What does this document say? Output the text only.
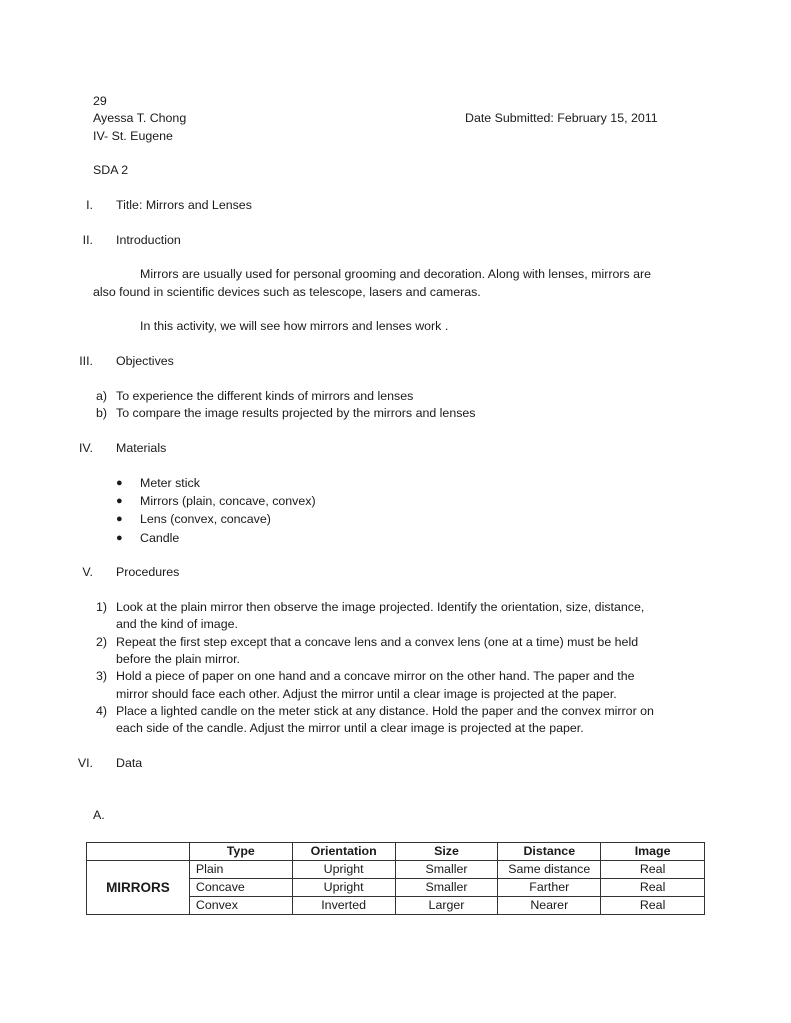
29
Ayessa T. Chong	Date Submitted: February 15, 2011
IV- St. Eugene
SDA 2
I. Title: Mirrors and Lenses
II. Introduction
Mirrors are usually used for personal grooming and decoration. Along with lenses, mirrors are
also found in scientific devices such as telescope, lasers and cameras.
In this activity, we will see how mirrors and lenses work .
III. Objectives
a) To experience the different kinds of mirrors and lenses
b) To compare the image results projected by the mirrors and lenses
IV. Materials
● Meter stick
● Mirrors (plain, concave, convex)
● Lens (convex, concave)
● Candle
V. Procedures
1) Look at the plain mirror then observe the image projected. Identify the orientation, size, distance,
and the kind of image.
2) Repeat the first step except that a concave lens and a convex lens (one at a time) must be held
before the plain mirror.
3) Hold a piece of paper on one hand and a concave mirror on the other hand. The paper and the
mirror should face each other. Adjust the mirror until a clear image is projected at the paper.
4) Place a lighted candle on the meter stick at any distance. Hold the paper and the convex mirror on
each side of the candle. Adjust the mirror until a clear image is projected at the paper.
VI. Data
A.
	Type	Orientation	Size	Distance	Image
MIRRORS	Plain	Upright	Smaller	Same distance	Real
	Concave	Upright	Smaller	Farther	Real
	Convex	Inverted	Larger	Nearer	Real
